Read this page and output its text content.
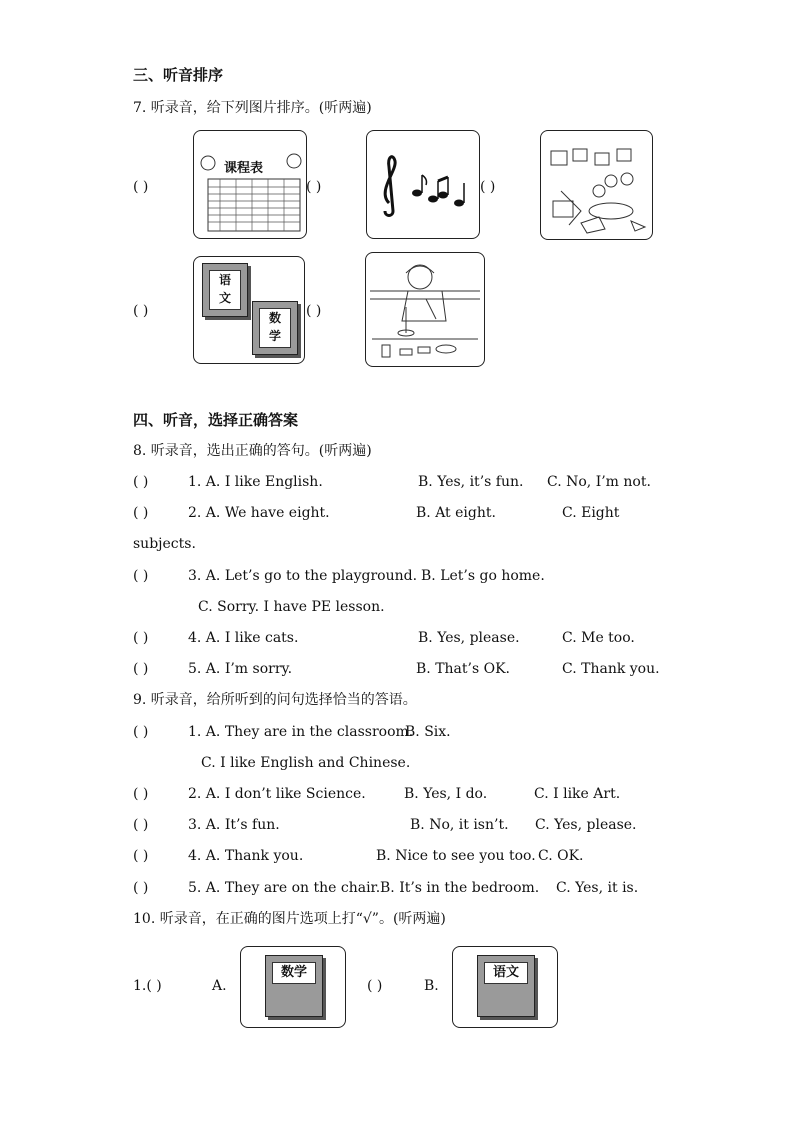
三、听音排序
7. 听录音，给下列图片排序。(听两遍)
( )
课程表
( )	( )
( )
语
文
数
学
( )
四、听音，选择正确答案
8. 听录音，选出正确的答句。(听两遍)
( )	1. A. I like English.	B. Yes, it’s fun. C. No, I’m not.
( )	2. A. We have eight.	B. At eight.	C. Eight
subjects.
( )	3. A. Let’s go to the playground. B. Let’s go home.
C. Sorry. I have PE lesson.
( )	4. A. I like cats.	B. Yes, please.	C. Me too.
( )	5. A. I’m sorry.	B. That’s OK.	C. Thank you.
9. 听录音，给所听到的问句选择恰当的答语。
( )	1. A. They are in the classroom.
B. Six.
C. I like English and Chinese.
( )	2. A. I don’t like Science.	B. Yes, I do.	C. I like Art.
( )	3. A. It’s fun.	B. No, it isn’t. C. Yes, please.
( )	4. A. Thank you.	B. Nice to see you too. C. OK.
( )	5. A. They are on the chair. B. It’s in the bedroom. C. Yes, it is.
10. 听录音，在正确的图片选项上打“√”。(听两遍)
1.( )	A.
数学
( )	B.
语文
